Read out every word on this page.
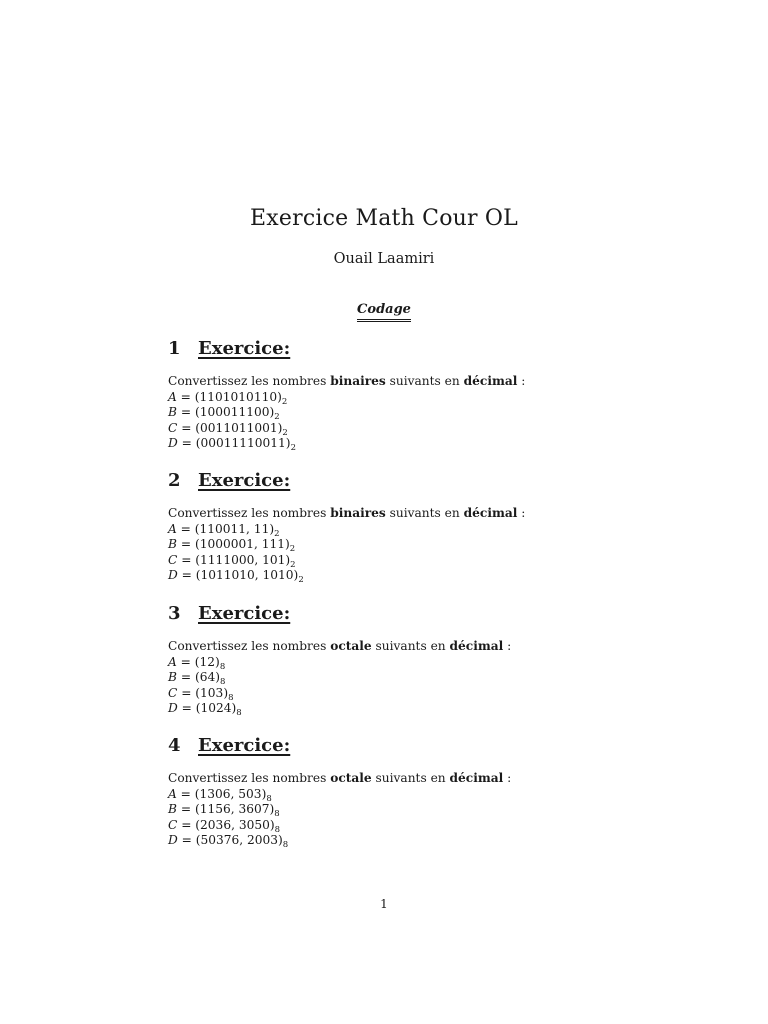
Exercice Math Cour OL
Ouail Laamiri
Codage
1 Exercice:
Convertissez les nombres binaires suivants en décimal :
$A = (1101010110)_2$
$B = (100011100)_2$
$C = (0011011001)_2$
$D = (00011110011)_2$
2 Exercice:
Convertissez les nombres binaires suivants en décimal :
A = (110011, $11)_2$
B = (1000001, $111)_2$
C = (1111000, $101)_2$
D = (1011010, $1010)_2$
3 Exercice:
Convertissez les nombres octale suivants en décimal :
$A = (12)_8$
$B = (64)_8$
$C = (103)_8$
$D = (1024)_8$
4 Exercice:
Convertissez les nombres octale suivants en décimal :
A = (1306, $503)_8$
B = (1156, $3607)_8$
C = (2036, $3050)_8$
D = (50376, $2003)_8$
1
